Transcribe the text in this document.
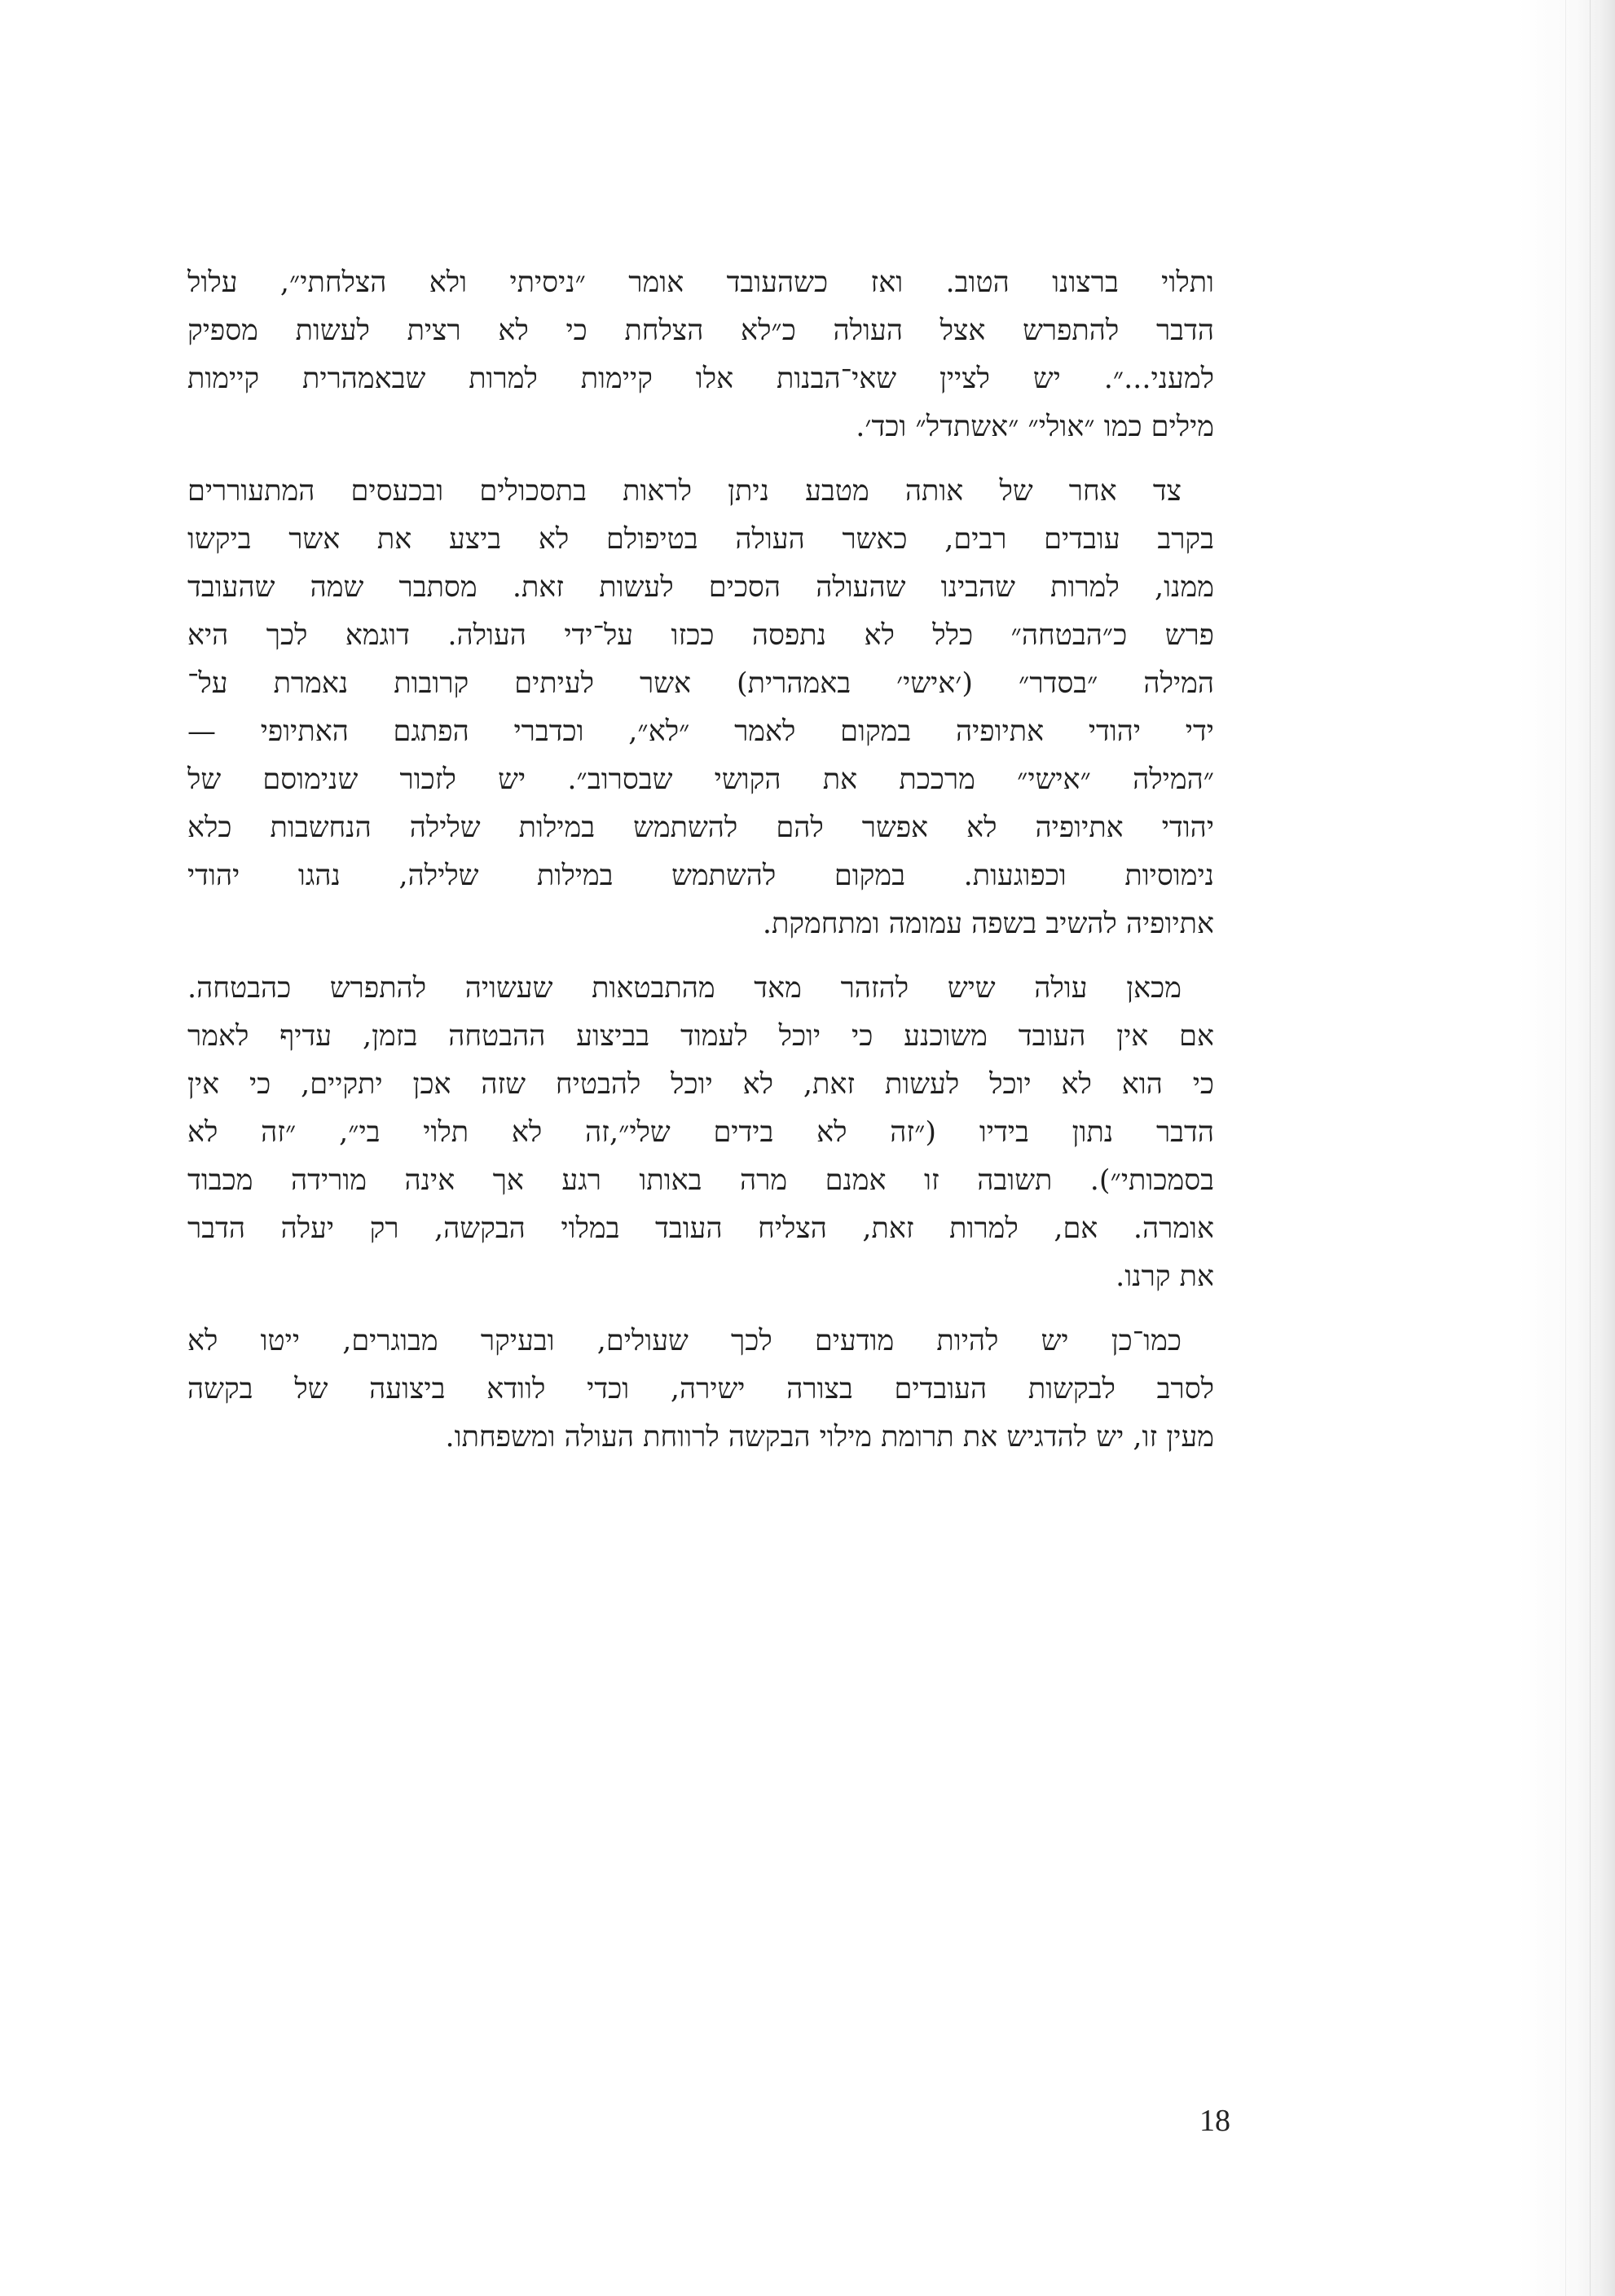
ותלוי ברצונו הטוב. ואז כשהעובד אומר ״ניסיתי ולא הצלחתי״, עלול
הדבר להתפרש אצל העולה כ״לא הצלחת כי לא רצית לעשות מספיק
למעני...״. יש לציין שאי־הבנות אלו קיימות למרות שבאמהרית קיימות
מילים כמו ״אולי״ ״אשתדל״ וכד׳.
צד אחר של אותה מטבע ניתן לראות בתסכולים ובכעסים המתעוררים
בקרב עובדים רבים, כאשר העולה בטיפולם לא ביצע את אשר ביקשו
ממנו, למרות שהבינו שהעולה הסכים לעשות זאת. מסתבר שמה שהעובד
פרש כ״הבטחה״ כלל לא נתפסה ככזו על־ידי העולה. דוגמא לכך היא
המילה ״בסדר״ (׳אישי׳ באמהרית) אשר לעיתים קרובות נאמרת על־
ידי יהודי אתיופיה במקום לאמר ״לא״, וכדברי הפתגם האתיופי —
״המילה ״אישי״ מרככת את הקושי שבסרוב״. יש לזכור שנימוסם של
יהודי אתיופיה לא אפשר להם להשתמש במילות שלילה הנחשבות כלא
נימוסיות וכפוגעות. במקום להשתמש במילות שלילה, נהגו יהודי
אתיופיה להשיב בשפה עמומה ומתחמקת.
מכאן עולה שיש להזהר מאד מהתבטאות שעשויה להתפרש כהבטחה.
אם אין העובד משוכנע כי יוכל לעמוד בביצוע ההבטחה בזמן, עדיף לאמר
כי הוא לא יוכל לעשות זאת, לא יוכל להבטיח שזה אכן יתקיים, כי אין
הדבר נתון בידיו (״זה לא בידים שלי״,זה לא תלוי בי״, ״זה לא
בסמכותי״). תשובה זו אמנם מרה באותו רגע אך אינה מורידה מכבוד
אומרה. אם, למרות זאת, הצליח העובד במלוי הבקשה, רק יעלה הדבר
את קרנו.
כמו־כן יש להיות מודעים לכך שעולים, ובעיקר מבוגרים, ייטו לא
לסרב לבקשות העובדים בצורה ישירה, וכדי לוודא ביצועה של בקשה
מעין זו, יש להדגיש את תרומת מילוי הבקשה לרווחת העולה ומשפחתו.
18
